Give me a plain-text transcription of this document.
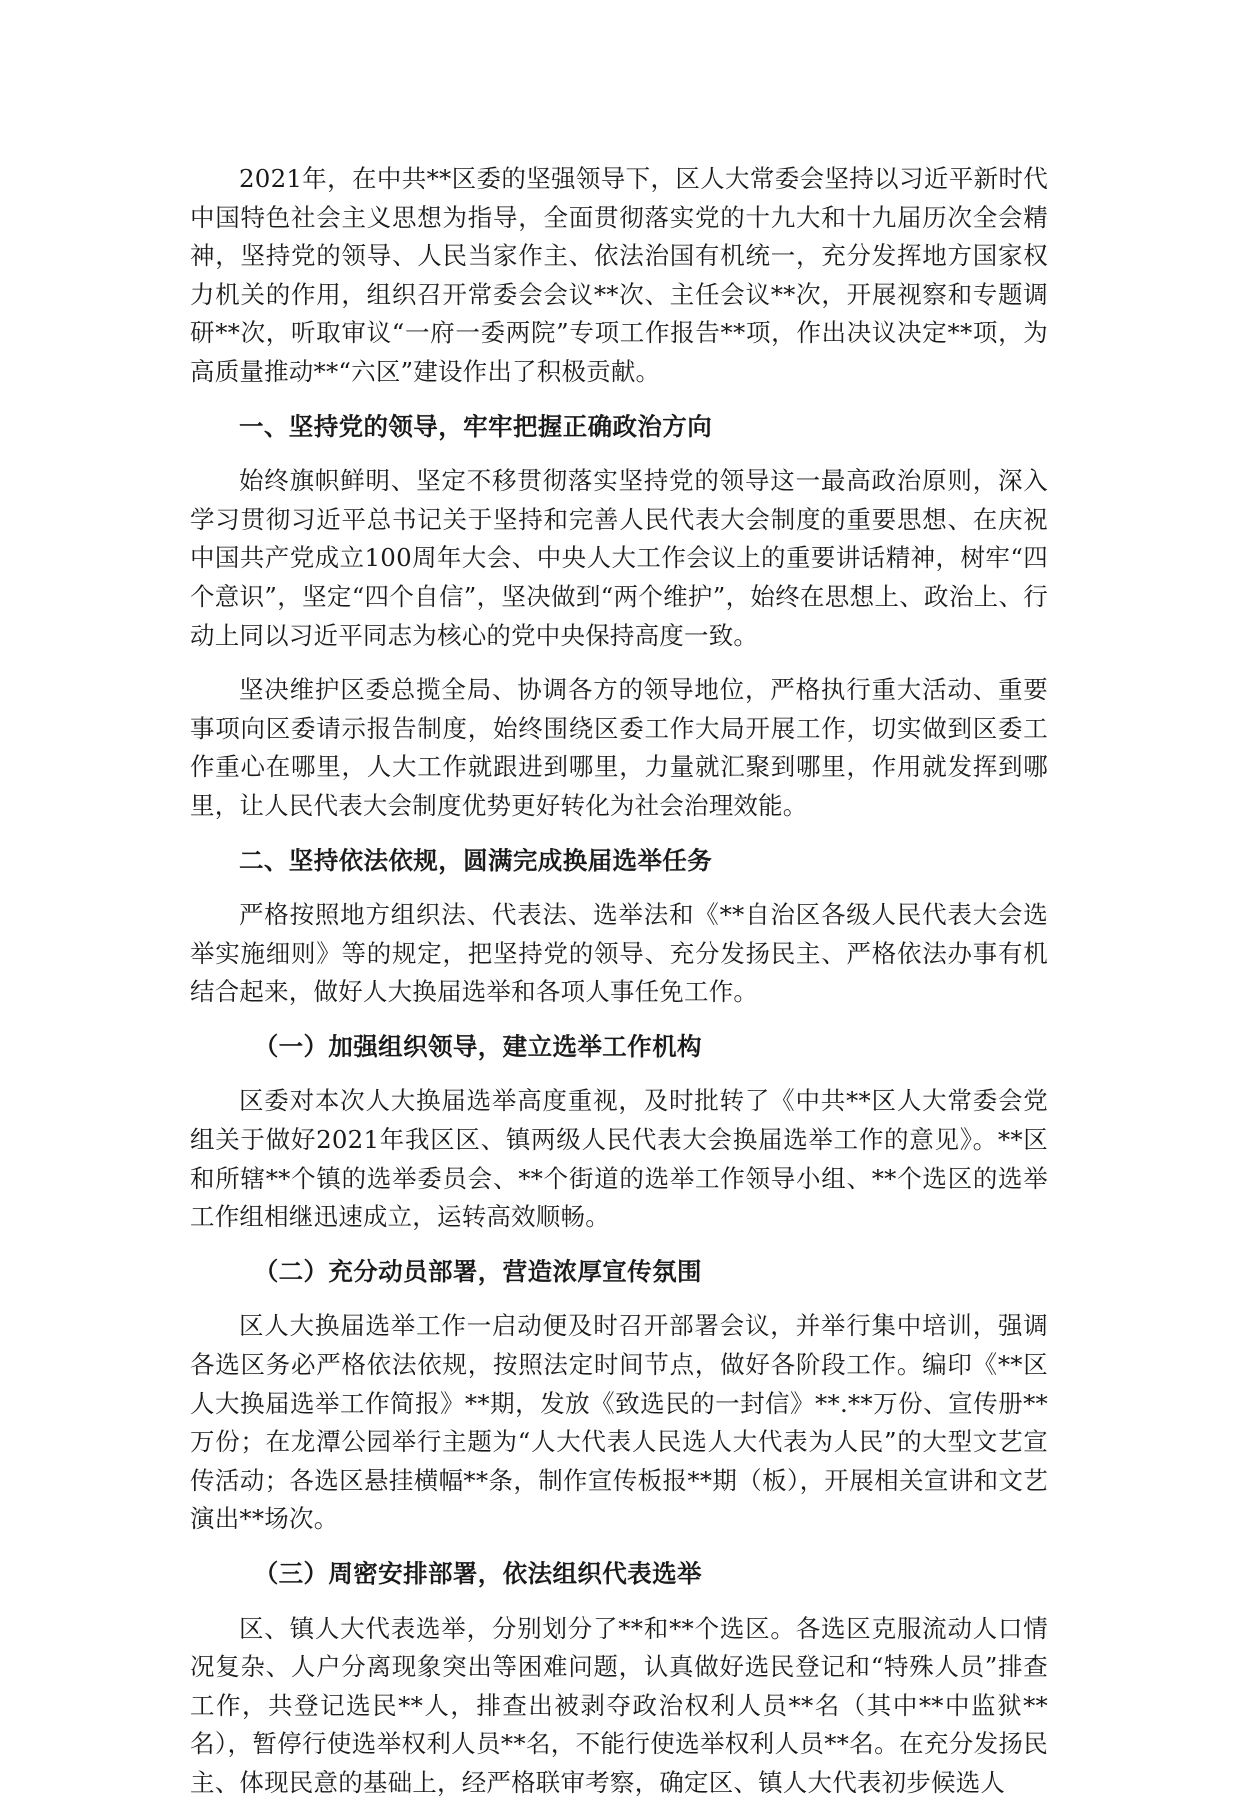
2021年，在中共**区委的坚强领导下，区人大常委会坚持以习近平新时代中国特色社会主义思想为指导，全面贯彻落实党的十九大和十九届历次全会精神，坚持党的领导、人民当家作主、依法治国有机统一，充分发挥地方国家权力机关的作用，组织召开常委会会议**次、主任会议**次，开展视察和专题调研**次，听取审议“一府一委两院”专项工作报告**项，作出决议决定**项，为高质量推动**“六区”建设作出了积极贡献。

一、坚持党的领导，牢牢把握正确政治方向

始终旗帜鲜明、坚定不移贯彻落实坚持党的领导这一最高政治原则，深入学习贯彻习近平总书记关于坚持和完善人民代表大会制度的重要思想、在庆祝中国共产党成立100周年大会、中央人大工作会议上的重要讲话精神，树牢“四个意识”，坚定“四个自信”，坚决做到“两个维护”，始终在思想上、政治上、行动上同以习近平同志为核心的党中央保持高度一致。

坚决维护区委总揽全局、协调各方的领导地位，严格执行重大活动、重要事项向区委请示报告制度，始终围绕区委工作大局开展工作，切实做到区委工作重心在哪里，人大工作就跟进到哪里，力量就汇聚到哪里，作用就发挥到哪里，让人民代表大会制度优势更好转化为社会治理效能。

二、坚持依法依规，圆满完成换届选举任务

严格按照地方组织法、代表法、选举法和《**自治区各级人民代表大会选举实施细则》等的规定，把坚持党的领导、充分发扬民主、严格依法办事有机结合起来，做好人大换届选举和各项人事任免工作。

（一）加强组织领导，建立选举工作机构

区委对本次人大换届选举高度重视，及时批转了《中共**区人大常委会党组关于做好2021年我区区、镇两级人民代表大会换届选举工作的意见》。**区和所辖**个镇的选举委员会、**个街道的选举工作领导小组、**个选区的选举工作组相继迅速成立，运转高效顺畅。

（二）充分动员部署，营造浓厚宣传氛围

区人大换届选举工作一启动便及时召开部署会议，并举行集中培训，强调各选区务必严格依法依规，按照法定时间节点，做好各阶段工作。编印《**区人大换届选举工作简报》**期，发放《致选民的一封信》**.**万份、宣传册**万份；在龙潭公园举行主题为“人大代表人民选人大代表为人民”的大型文艺宣传活动；各选区悬挂横幅**条，制作宣传板报**期（板），开展相关宣讲和文艺演出**场次。

（三）周密安排部署，依法组织代表选举

区、镇人大代表选举，分别划分了**和**个选区。各选区克服流动人口情况复杂、人户分离现象突出等困难问题，认真做好选民登记和“特殊人员”排查工作，共登记选民**人，排查出被剥夺政治权利人员**名（其中**中监狱**名），暂停行使选举权利人员**名，不能行使选举权利人员**名。在充分发扬民主、体现民意的基础上，经严格联审考察，确定区、镇人大代表初步候选人
